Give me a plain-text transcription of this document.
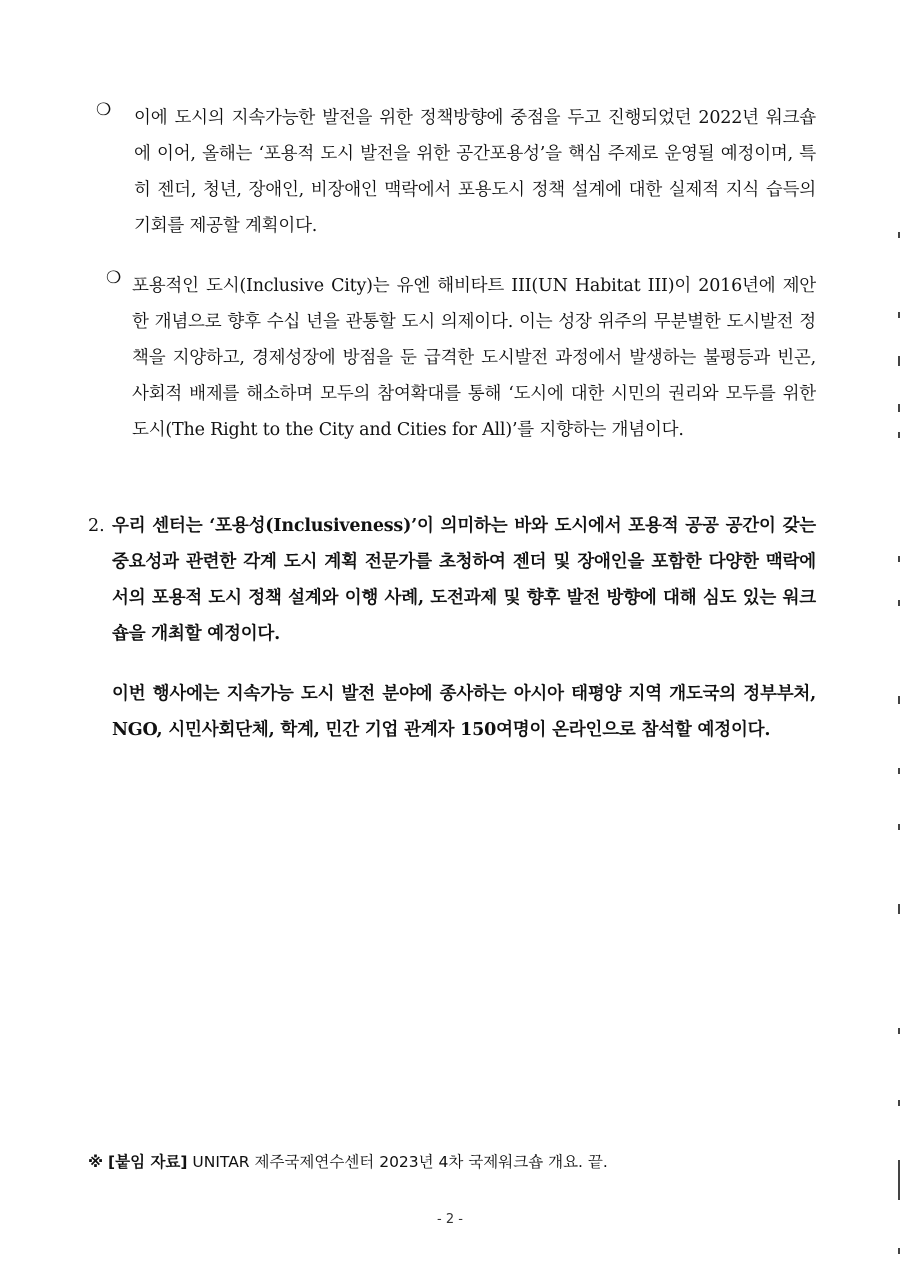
❍	이에 도시의 지속가능한 발전을 위한 정책방향에 중점을 두고 진행되었던 2022년 워크숍에 이어, 올해는 ‘포용적 도시 발전을 위한 공간포용성’을 핵심 주제로 운영될 예정이며, 특히 젠더, 청년, 장애인, 비장애인 맥락에서 포용도시 정책 설계에 대한 실제적 지식 습득의 기회를 제공할 계획이다.

❍ 포용적인 도시(Inclusive City)는 유엔 해비타트 III(UN Habitat III)이 2016년에 제안한 개념으로 향후 수십 년을 관통할 도시 의제이다. 이는 성장 위주의 무분별한 도시발전 정책을 지양하고, 경제성장에 방점을 둔 급격한 도시발전 과정에서 발생하는 불평등과 빈곤, 사회적 배제를 해소하며 모두의 참여확대를 통해 ‘도시에 대한 시민의 권리와 모두를 위한 도시(The Right to the City and Cities for All)’를 지향하는 개념이다.

2. 우리 센터는 ‘포용성(Inclusiveness)’이 의미하는 바와 도시에서 포용적 공공 공간이 갖는 중요성과 관련한 각계 도시 계획 전문가를 초청하여 젠더 및 장애인을 포함한 다양한 맥락에서의 포용적 도시 정책 설계와 이행 사례, 도전과제 및 향후 발전 방향에 대해 심도 있는 워크숍을 개최할 예정이다.

이번 행사에는 지속가능 도시 발전 분야에 종사하는 아시아 태평양 지역 개도국의 정부부처, NGO, 시민사회단체, 학계, 민간 기업 관계자 150여명이 온라인으로 참석할 예정이다.

※ [붙임 자료] UNITAR 제주국제연수센터 2023년 4차 국제워크숍 개요. 끝.
- 2 -
